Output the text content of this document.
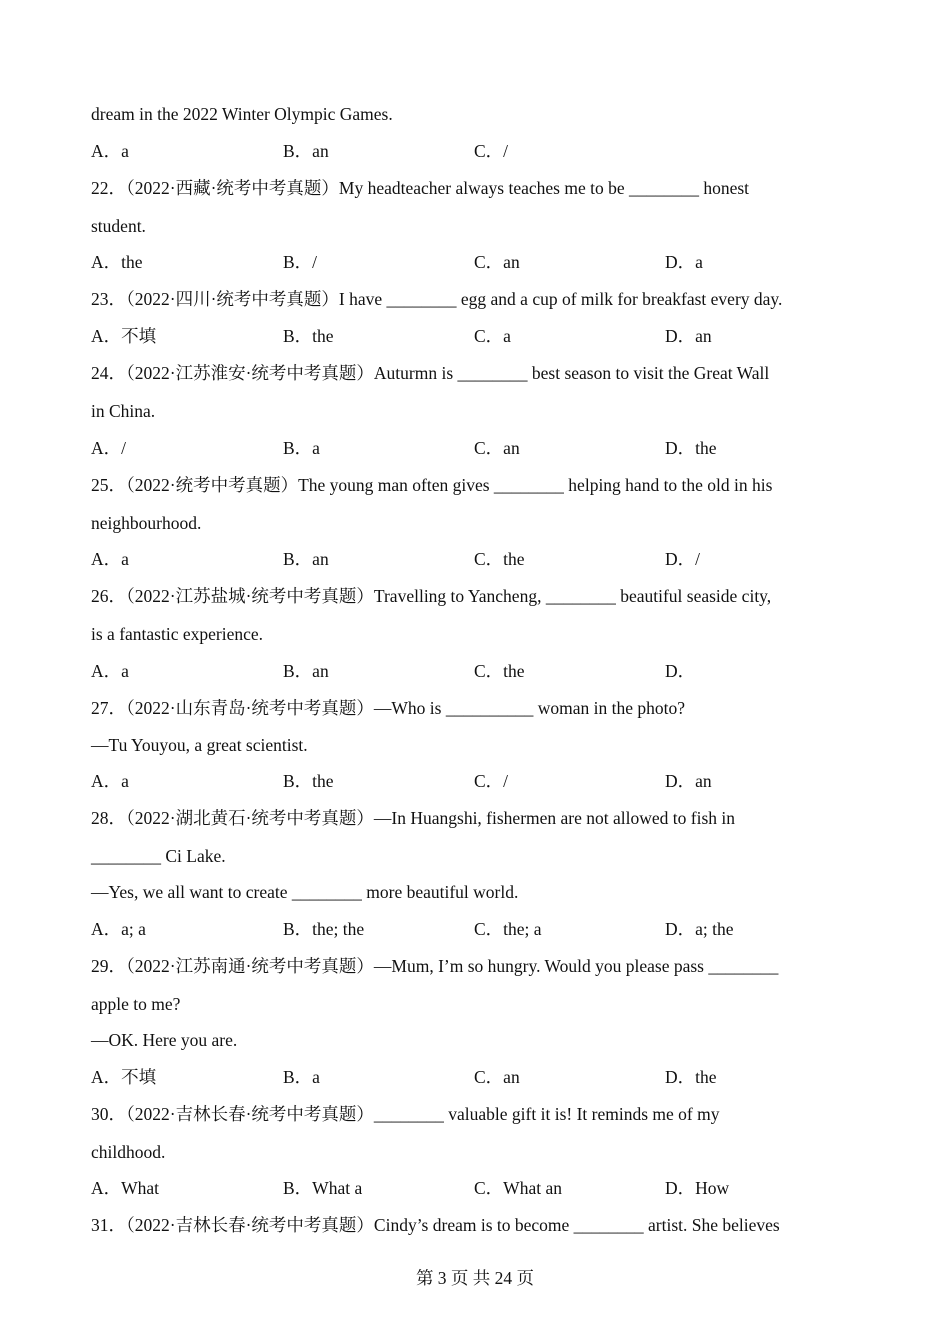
dream in the 2022 Winter Olympic Games.
A．a	B．an	C．/
22．（2022·西藏·统考中考真题）My headteacher always teaches me to be ________ honest
student.
A．the	B．/	C．an	D．a
23．（2022·四川·统考中考真题）I have ________ egg and a cup of milk for breakfast every day.
A．不填	B．the	C．a	D．an
24．（2022·江苏淮安·统考中考真题）Auturmn is ________ best season to visit the Great Wall
in China.
A．/	B．a	C．an	D．the
25．（2022·统考中考真题）The young man often gives ________ helping hand to the old in his
neighbourhood.
A．a	B．an	C．the	D．/
26．（2022·江苏盐城·统考中考真题）Travelling to Yancheng, ________ beautiful seaside city,
is a fantastic experience.
A．a	B．an	C．the	D．
27．（2022·山东青岛·统考中考真题）—Who is __________ woman in the photo?
—Tu Youyou, a great scientist.
A．a	B．the	C．/	D．an
28．（2022·湖北黄石·统考中考真题）—In Huangshi, fishermen are not allowed to fish in
________ Ci Lake.
—Yes, we all want to create ________ more beautiful world.
A．a; a	B．the; the	C．the; a	D．a; the
29．（2022·江苏南通·统考中考真题）—Mum, I’m so hungry. Would you please pass ________
apple to me?
—OK. Here you are.
A．不填	B．a	C．an	D．the
30．（2022·吉林长春·统考中考真题）________ valuable gift it is! It reminds me of my
childhood.
A．What	B．What a	C．What an	D．How
31．（2022·吉林长春·统考中考真题）Cindy’s dream is to become ________ artist. She believes
第 3 页 共 24 页
